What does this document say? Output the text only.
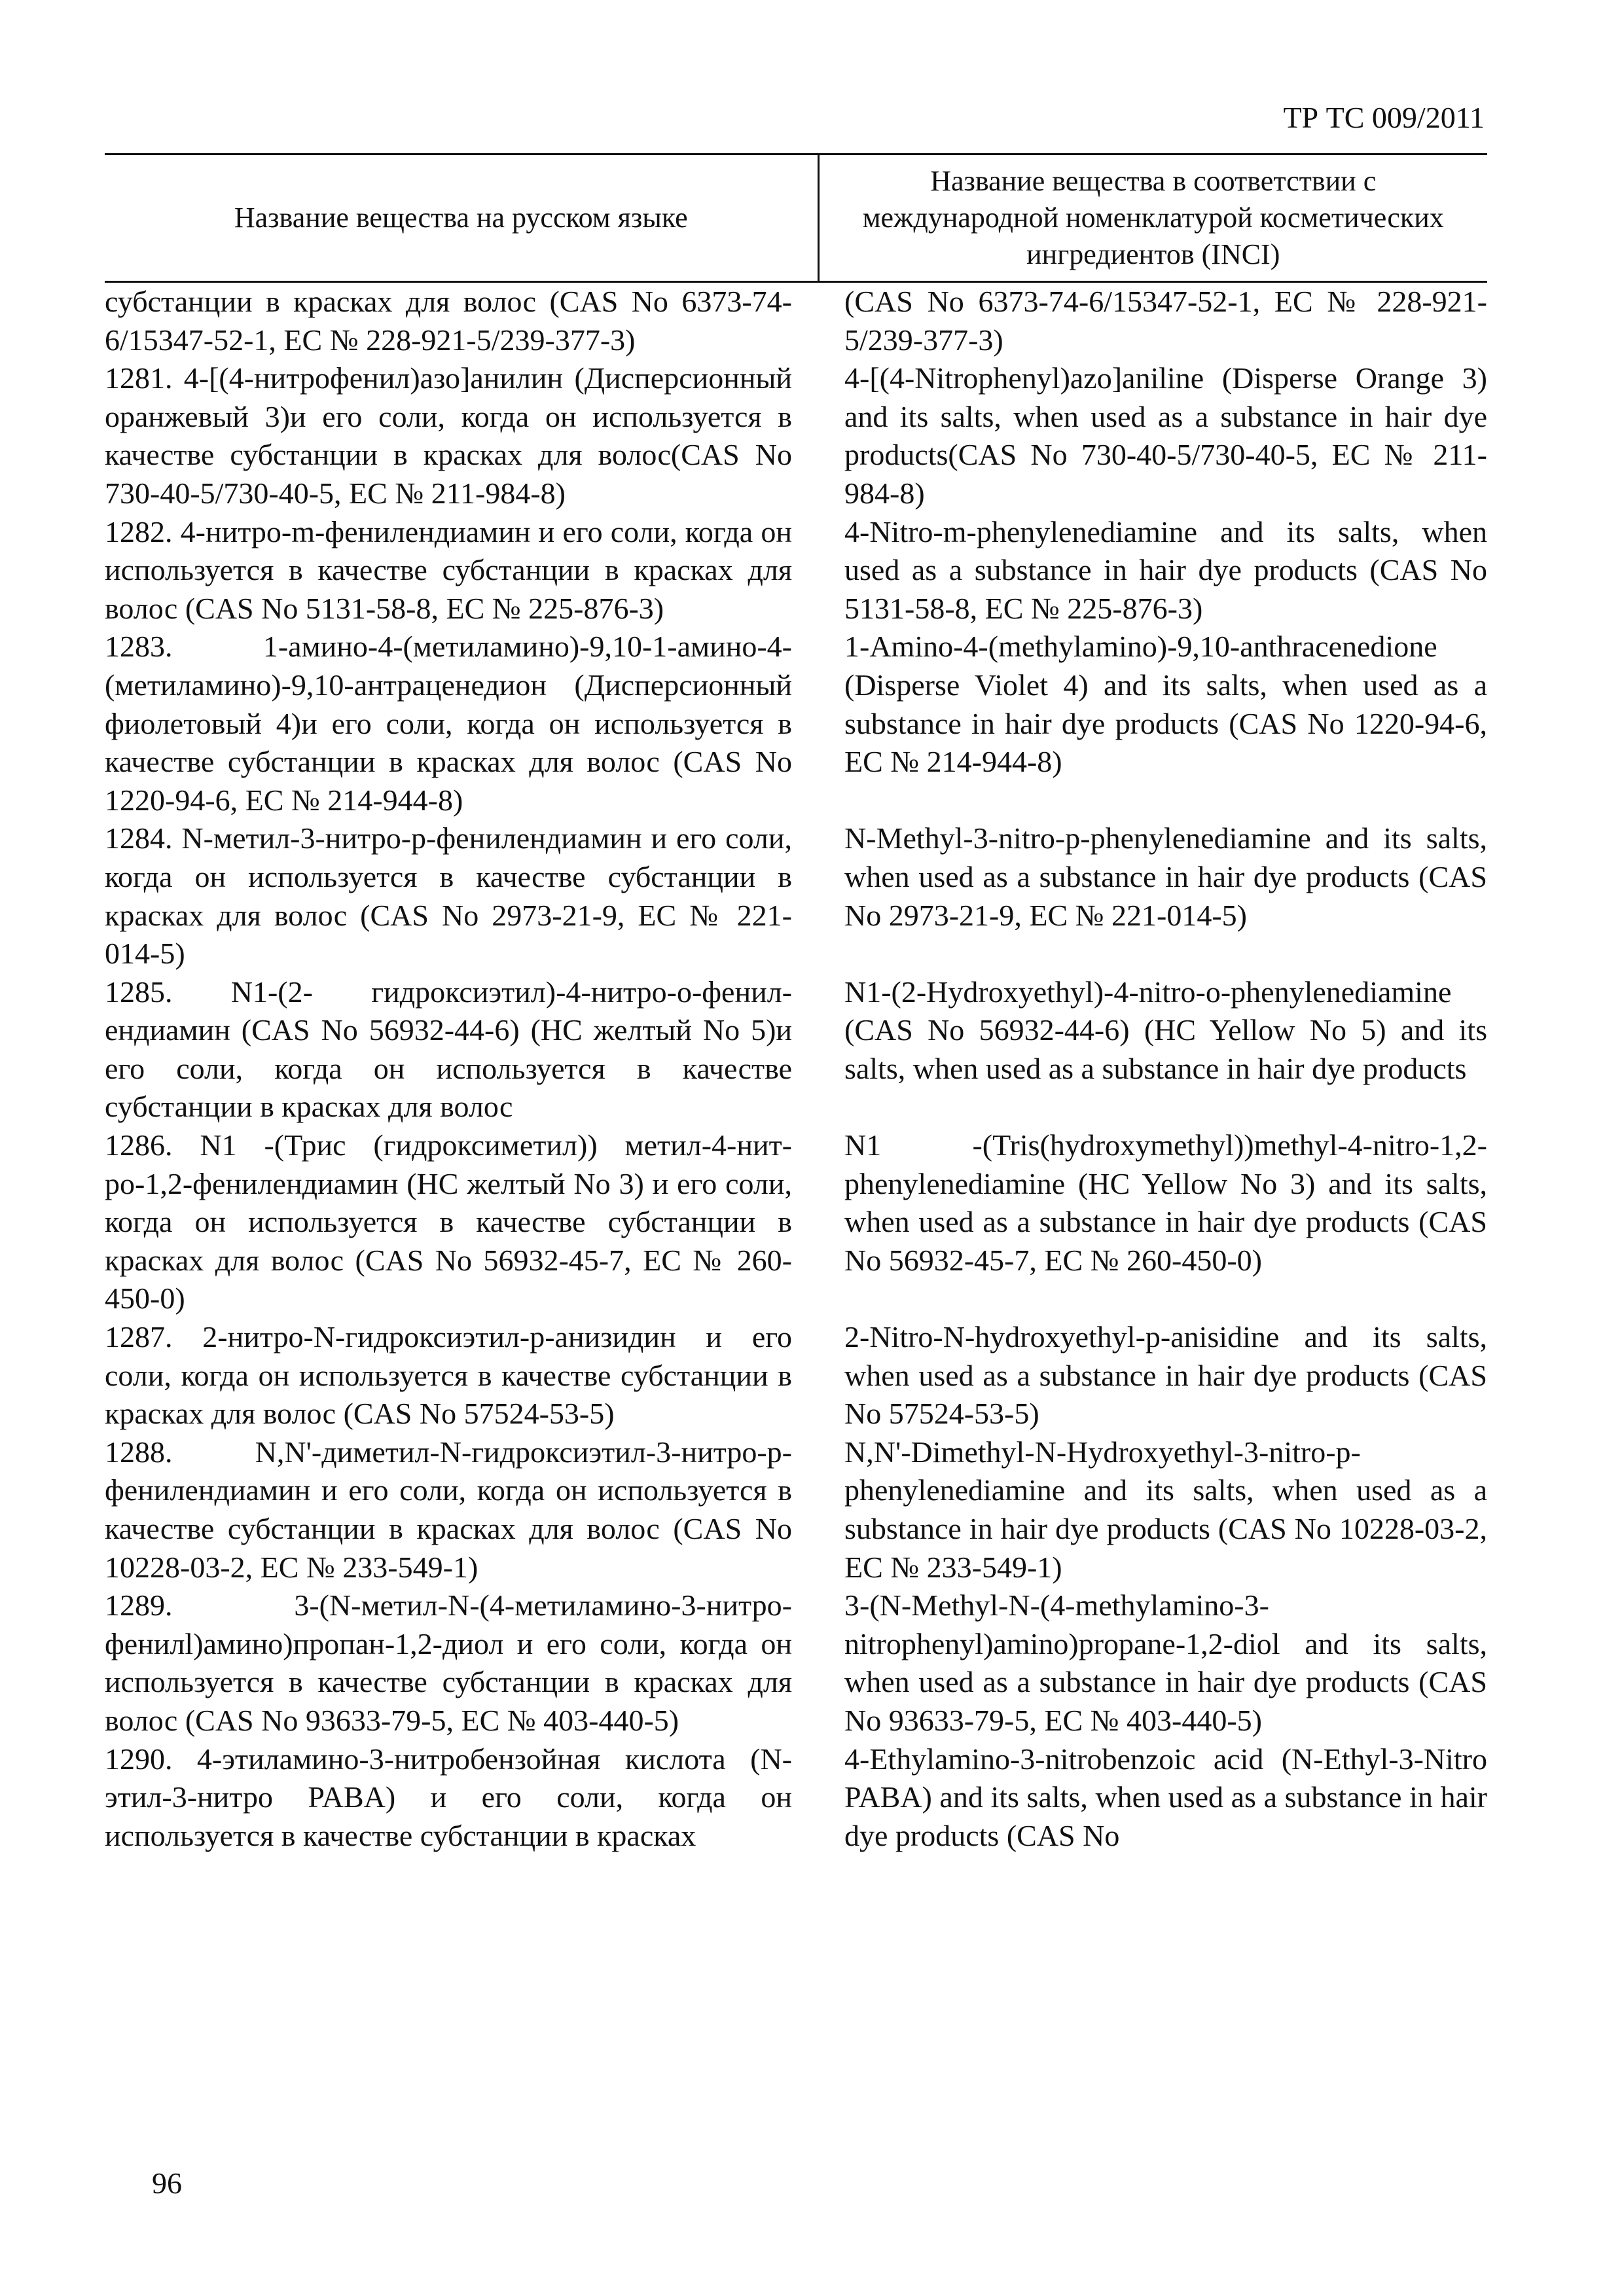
ТР ТС 009/2011
Название вещества на русском языке	Название вещества в соответствии с международной номенклатурой косметических ингредиентов (INCI)
субстанции в красках для волос (CAS No 6373-74-6/15347-52-1, ЕС № 228-921-5/239-377-3)	(CAS No 6373-74-6/15347-52-1, EC № 228-921-5/239-377-3)
1281. 4-[(4-нитрофенил)азо]анилин (Дисперсионный оранжевый 3)и его соли, когда он используется в качестве субстанции в красках для волос(CAS No 730-40-5/730-40-5, ЕС № 211-984-8)	4-[(4-Nitrophenyl)azo]aniline (Disperse Orange 3) and its salts, when used as a substance in hair dye products(CAS No 730-40-5/730-40-5, EC № 211-984-8)
1282. 4-нитро-m-фенилендиамин и его соли, когда он используется в качестве субстанции в красках для волос (CAS No 5131-58-8, ЕС № 225-876-3)	4-Nitro-m-phenylenediamine and its salts, when used as a substance in hair dye products (CAS No 5131-58-8, EC № 225-876-3)
1283. 1-амино-4-(метиламино)-9,10-1-амино-4-(метиламино)-9,10-антраценедион (Дисперсионный фиолетовый 4)и его соли, когда он используется в качестве субстанции в красках для волос (CAS No 1220-94-6, ЕС № 214-944-8)	1-Amino-4-(methylamino)-9,10-anthracenedione (Disperse Violet 4) and its salts, when used as a substance in hair dye products (CAS No 1220-94-6, EC № 214-944-8)
1284. N-метил-3-нитро-p-фенилендиамин и его соли, когда он используется в качестве субстанции в красках для волос (CAS No 2973-21-9, ЕС № 221-014-5)	N-Methyl-3-nitro-p-phenylenediamine and its salts, when used as a substance in hair dye products (CAS No 2973-21-9, EC № 221-014-5)
1285. N1-(2- гидроксиэтил)-4-нитро-о-фенил-ендиамин (CAS No 56932-44-6) (HC желтый No 5)и его соли, когда он используется в качестве субстанции в красках для волос	N1-(2-Hydroxyethyl)-4-nitro-o-phenylenediamine (CAS No 56932-44-6) (HC Yellow No 5) and its salts, when used as a substance in hair dye products
1286. N1 -(Трис (гидроксиметил)) метил-4-нит-ро-1,2-фенилендиамин (HC желтый No 3) и его соли, когда он используется в качестве субстанции в красках для волос (CAS No 56932-45-7, ЕС № 260-450-0)	N1 -(Tris(hydroxymethyl))methyl-4-nitro-1,2-phenylenediamine (HC Yellow No 3) and its salts, when used as a substance in hair dye products (CAS No 56932-45-7, EC № 260-450-0)
1287. 2-нитро-N-гидроксиэтил-p-анизидин и его соли, когда он используется в качестве субстанции в красках для волос (CAS No 57524-53-5)	2-Nitro-N-hydroxyethyl-p-anisidine and its salts, when used as a substance in hair dye products (CAS No 57524-53-5)
1288. N,N'-диметил-N-гидроксиэтил-3-нитро-p-фенилендиамин и его соли, когда он используется в качестве субстанции в красках для волос (CAS No 10228-03-2, ЕС № 233-549-1)	N,N'-Dimethyl-N-Hydroxyethyl-3-nitro-p-phenylenediamine and its salts, when used as a substance in hair dye products (CAS No 10228-03-2, EC № 233-549-1)
1289. 3-(N-метил-N-(4-метиламино-3-нитро-фенилl)амино)пропан-1,2-диол и его соли, когда он используется в качестве субстанции в красках для волос (CAS No 93633-79-5, ЕС № 403-440-5)	3-(N-Methyl-N-(4-methylamino-3-nitrophenyl)amino)propane-1,2-diol and its salts, when used as a substance in hair dye products (CAS No 93633-79-5, EC № 403-440-5)
1290. 4-этиламино-3-нитробензойная кислота (N-этил-3-нитро PABA) и его соли, когда он используется в качестве субстанции в красках	4-Ethylamino-3-nitrobenzoic acid (N-Ethyl-3-Nitro PABA) and its salts, when used as a substance in hair dye products (CAS No
96
